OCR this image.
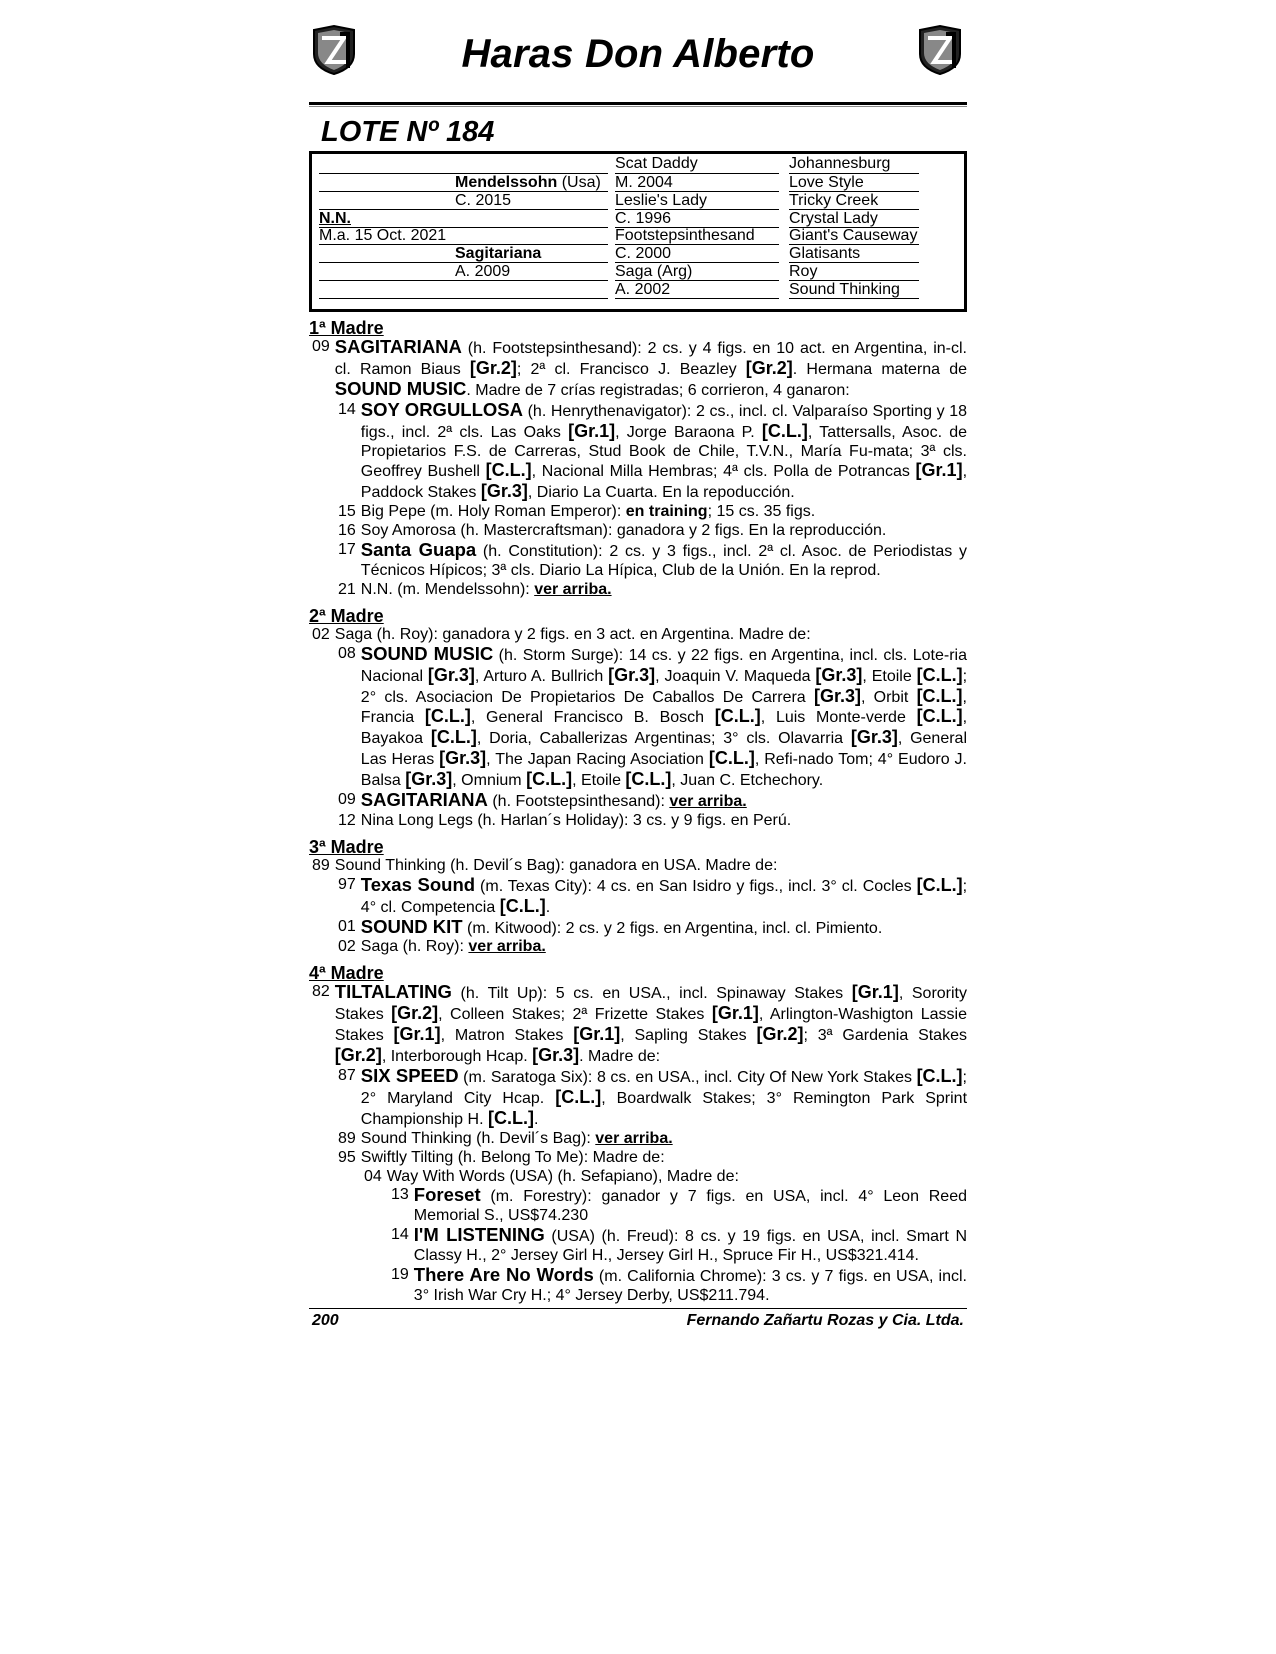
Haras Don Alberto
LOTE Nº 184
Johannesburg
Love Style
Tricky Creek
Crystal Lady
Giant's Causeway
Glatisants
Roy
Sound Thinking
Scat Daddy
M. 2004
Leslie's Lady
C. 1996
Footstepsinthesand
C. 2000
Saga (Arg)
A. 2002
Mendelssohn (Usa)
C. 2015
Sagitariana
A. 2009
N.N.
M.a. 15 Oct. 2021
1ª Madre
09 SAGITARIANA (h. Footstepsinthesand): 2 cs. y 4 figs. en 10 act. en Argentina, in-cl. cl. Ramon Biaus [Gr.2]; 2ª cl. Francisco J. Beazley [Gr.2]. Hermana materna de SOUND MUSIC. Madre de 7 crías registradas; 6 corrieron, 4 ganaron:
14 SOY ORGULLOSA (h. Henrythenavigator): 2 cs., incl. cl. Valparaíso Sporting y 18 figs., incl. 2ª cls. Las Oaks [Gr.1], Jorge Baraona P. [C.L.], Tattersalls, Asoc. de Propietarios F.S. de Carreras, Stud Book de Chile, T.V.N., María Fu-mata; 3ª cls. Geoffrey Bushell [C.L.], Nacional Milla Hembras; 4ª cls. Polla de Potrancas [Gr.1], Paddock Stakes [Gr.3], Diario La Cuarta. En la repoducción.
15 Big Pepe (m. Holy Roman Emperor): en training; 15 cs. 35 figs.
16 Soy Amorosa (h. Mastercraftsman): ganadora y 2 figs. En la reproducción.
17 Santa Guapa (h. Constitution): 2 cs. y 3 figs., incl. 2ª cl. Asoc. de Periodistas y Técnicos Hípicos; 3ª cls. Diario La Hípica, Club de la Unión. En la reprod.
21 N.N. (m. Mendelssohn): ver arriba.
2ª Madre
02 Saga (h. Roy): ganadora y 2 figs. en 3 act. en Argentina. Madre de:
08 SOUND MUSIC (h. Storm Surge): 14 cs. y 22 figs. en Argentina, incl. cls. Lote-ria Nacional [Gr.3], Arturo A. Bullrich [Gr.3], Joaquin V. Maqueda [Gr.3], Etoile [C.L.]; 2° cls. Asociacion De Propietarios De Caballos De Carrera [Gr.3], Orbit [C.L.], Francia [C.L.], General Francisco B. Bosch [C.L.], Luis Monte-verde [C.L.], Bayakoa [C.L.], Doria, Caballerizas Argentinas; 3° cls. Olavarria [Gr.3], General Las Heras [Gr.3], The Japan Racing Asociation [C.L.], Refi-nado Tom; 4° Eudoro J. Balsa [Gr.3], Omnium [C.L.], Etoile [C.L.], Juan C. Etchechory.
09 SAGITARIANA (h. Footstepsinthesand): ver arriba.
12 Nina Long Legs (h. Harlan´s Holiday): 3 cs. y 9 figs. en Perú.
3ª Madre
89 Sound Thinking (h. Devil´s Bag): ganadora en USA. Madre de:
97 Texas Sound (m. Texas City): 4 cs. en San Isidro y figs., incl. 3° cl. Cocles [C.L.]; 4° cl. Competencia [C.L.].
01 SOUND KIT (m. Kitwood): 2 cs. y 2 figs. en Argentina, incl. cl. Pimiento.
02 Saga (h. Roy): ver arriba.
4ª Madre
82 TILTALATING (h. Tilt Up): 5 cs. en USA., incl. Spinaway Stakes [Gr.1], Sorority Stakes [Gr.2], Colleen Stakes; 2ª Frizette Stakes [Gr.1], Arlington-Washigton Lassie Stakes [Gr.1], Matron Stakes [Gr.1], Sapling Stakes [Gr.2]; 3ª Gardenia Stakes [Gr.2], Interborough Hcap. [Gr.3]. Madre de:
87 SIX SPEED (m. Saratoga Six): 8 cs. en USA., incl. City Of New York Stakes [C.L.]; 2° Maryland City Hcap. [C.L.], Boardwalk Stakes; 3° Remington Park Sprint Championship H. [C.L.].
89 Sound Thinking (h. Devil´s Bag): ver arriba.
95 Swiftly Tilting (h. Belong To Me): Madre de:
04 Way With Words (USA) (h. Sefapiano), Madre de:
13 Foreset (m. Forestry): ganador y 7 figs. en USA, incl. 4° Leon Reed Memorial S., US$74.230
14 I'M LISTENING (USA) (h. Freud): 8 cs. y 19 figs. en USA, incl. Smart N Classy H., 2° Jersey Girl H., Jersey Girl H., Spruce Fir H., US$321.414.
19 There Are No Words (m. California Chrome): 3 cs. y 7 figs. en USA, incl. 3° Irish War Cry H.; 4° Jersey Derby, US$211.794.
200	Fernando Zañartu Rozas y Cia. Ltda.
